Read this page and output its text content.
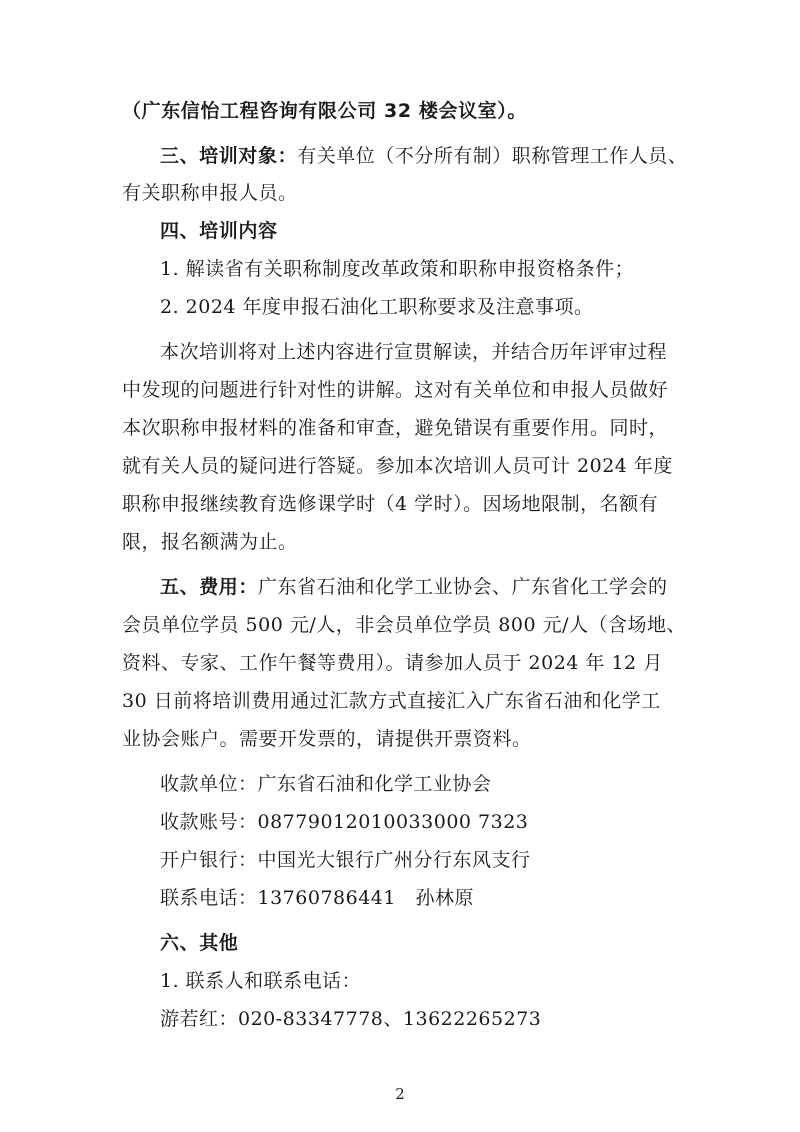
（广东信怡工程咨询有限公司 32 楼会议室）。
三、培训对象：有关单位（不分所有制）职称管理工作人员、
有关职称申报人员。
四、培训内容
1. 解读省有关职称制度改革政策和职称申报资格条件；
2. 2024 年度申报石油化工职称要求及注意事项。
本次培训将对上述内容进行宣贯解读，并结合历年评审过程
中发现的问题进行针对性的讲解。这对有关单位和申报人员做好
本次职称申报材料的准备和审查，避免错误有重要作用。同时，
就有关人员的疑问进行答疑。参加本次培训人员可计 2024 年度
职称申报继续教育选修课学时（4 学时）。因场地限制，名额有
限，报名额满为止。
五、费用：广东省石油和化学工业协会、广东省化工学会的
会员单位学员 500 元/人，非会员单位学员 800 元/人（含场地、
资料、专家、工作午餐等费用）。请参加人员于 2024 年 12 月
30 日前将培训费用通过汇款方式直接汇入广东省石油和化学工
业协会账户。需要开发票的，请提供开票资料。
收款单位：广东省石油和化学工业协会
收款账号：08779012010033000 7323
开户银行：中国光大银行广州分行东风支行
联系电话：13760786441　孙林原
六、其他
1. 联系人和联系电话：
游若红：020-83347778、13622265273
2
